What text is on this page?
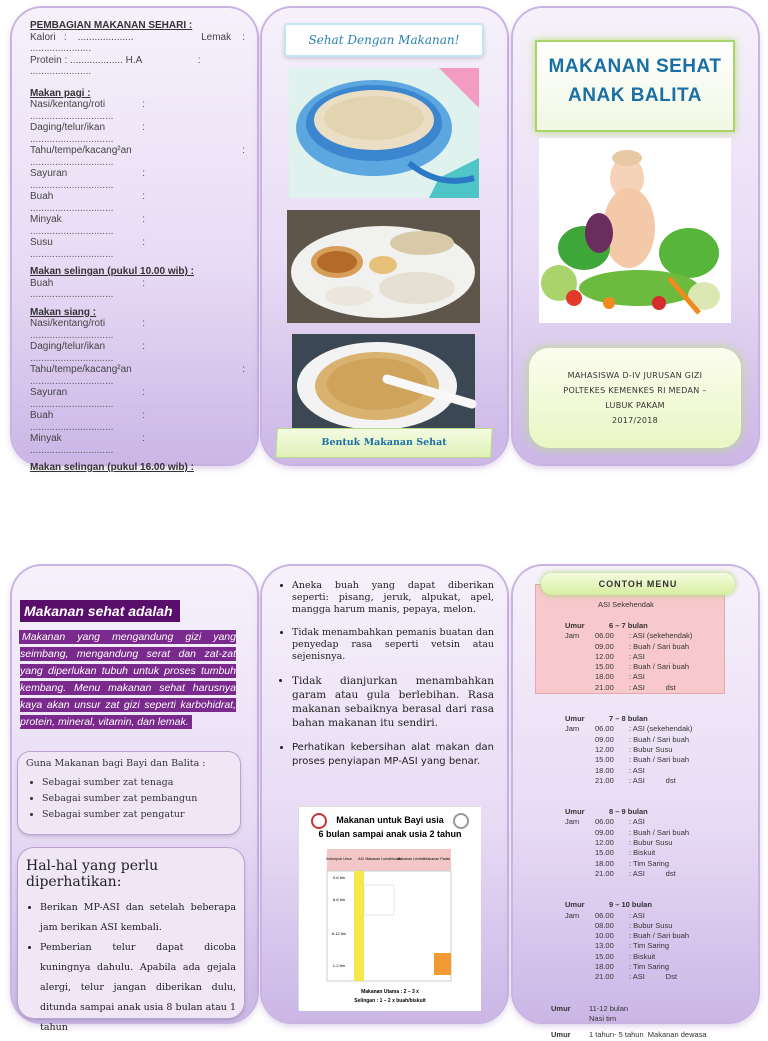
PEMBAGIAN MAKANAN SEHARI :
Kalori   :    ....................	Lemak    :
......................
Protein : ................... H.A	:
......................
Makan pagi :
Nasi/kentang/roti	:
..............................
Daging/telur/ikan	:
..............................
Tahu/tempe/kacang²an	:
..............................
Sayuran	:
..............................
Buah	:
..............................
Minyak	:
..............................
Susu	:
..............................
Makan selingan (pukul 10.00 wib) :
Buah	:
..............................
Makan siang :
Nasi/kentang/roti	:
..............................
Daging/telur/ikan	:
..............................
Tahu/tempe/kacang²an	:
..............................
Sayuran	:
..............................
Buah	:
..............................
Minyak	:
..............................
Makan selingan (pukul 16.00 wib) :
Sehat Dengan Makanan!
Bentuk Makanan Sehat
MAKANAN SEHAT
ANAK BALITA
MAHASISWA D-IV JURUSAN GIZI
POLTEKES KEMENKES RI MEDAN –
LUBUK PAKAM
2017/2018
Makanan sehat adalah
Makanan yang mengandung gizi yang seimbang, mengandung serat dan zat-zat yang diperlukan tubuh untuk proses tumbuh kembang. Menu makanan sehat harusnya kaya akan unsur zat gizi seperti karbohidrat, protein, mineral, vitamin, dan lemak.
Guna Makanan bagi Bayi dan Balita :
• Sebagai sumber zat tenaga
• Sebagai sumber zat pembangun
• Sebagai sumber zat pengatur
Hal-hal yang perlu diperhatikan:
• Berikan MP-ASI dan setelah beberapa jam berikan ASI kembali.
• Pemberian telur dapat dicoba kuningnya dahulu. Apabila ada gejala alergi, telur jangan diberikan dulu, ditunda sampai anak usia 8 bulan atau 1 tahun
• Aneka buah yang dapat diberikan seperti: pisang, jeruk, alpukat, apel, mangga harum manis, pepaya, melon.
• Tidak menambahkan pemanis buatan dan penyedap rasa seperti vetsin atau sejenisnya.
• Tidak dianjurkan menambahkan garam atau gula berlebihan. Rasa makanan sebaiknya berasal dari rasa bahan makanan itu sendiri.
• Perhatikan kebersihan alat makan dan proses penyiapan MP-ASI yang benar.
Makanan untuk Bayi usia
6 bulan sampai anak usia 2 tahun
Kelompok Umur ASI Makanan Lumat/lunak
Makanan Lembik Makanan Padat
0-6 bln
6-8 bln
8-12 bln
1-2 thn
Makanan Utama : 2 – 3 x
Selingan : 1 – 2 x buah/biskuit
CONTOH MENU
ASI Sekehendak
Umur	6 – 7 bulan
Jam	06.00	: ASI (sekehendak)
09.00	: Buah / Sari buah
12.00	: ASI
15.00	: Buah / Sari buah
18.00	: ASI
21.00	: ASI          dst
Umur	7 – 8 bulan
Jam	06.00	: ASI (sekehendak)
09.00	: Buah / Sari buah
12.00	: Bubur Susu
15.00	: Buah / Sari buah
18.00	: ASI
21.00	: ASI          dst
Umur	8 – 9 bulan
Jam	06.00	: ASI
09.00	: Buah / Sari buah
12.00	: Bubur Susu
15.00	: Biskuit
18.00	: Tim Saring
21.00	: ASI          dst
Umur	9 – 10 bulan
Jam	06.00	: ASI
08.00	: Bubur Susu
10.00	: Buah / Sari buah
13.00	: Tim Saring
15.00	: Biskuit
18.00	: Tim Saring
21.00	: ASI          Dst
Umur	11-12 bulan
Nasi tim
Umur	1 tahun- 5 tahun  Makanan dewasa
